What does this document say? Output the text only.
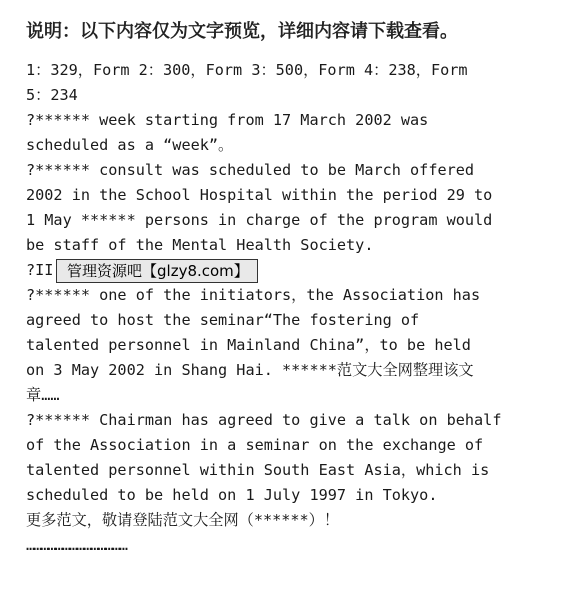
说明：以下内容仅为文字预览，详细内容请下载查看。
1：329，Form 2：300，Form 3：500，Form 4：238，Form
5：234
?****** week starting from 17 March 2002 was
scheduled as a “week”。
?****** consult was scheduled to be March offered
2002 in the School Hospital within the period 29 to
1 May ****** persons in charge of the program would
be staff of the Mental Health Society.
?II 管理资源吧【glzy8.com】
?****** one of the initiators，the Association has
agreed to host the seminar“The fostering of
talented personnel in Mainland China”，to be held
on 3 May 2002 in Shang Hai. ******范文大全网整理该文
章……
?****** Chairman has agreed to give a talk on behalf
of the Association in a seminar on the exchange of
talented personnel within South East Asia，which is
scheduled to be held on 1 July 1997 in Tokyo.
更多范文，敬请登陆范文大全网（******）！
……………………………………
